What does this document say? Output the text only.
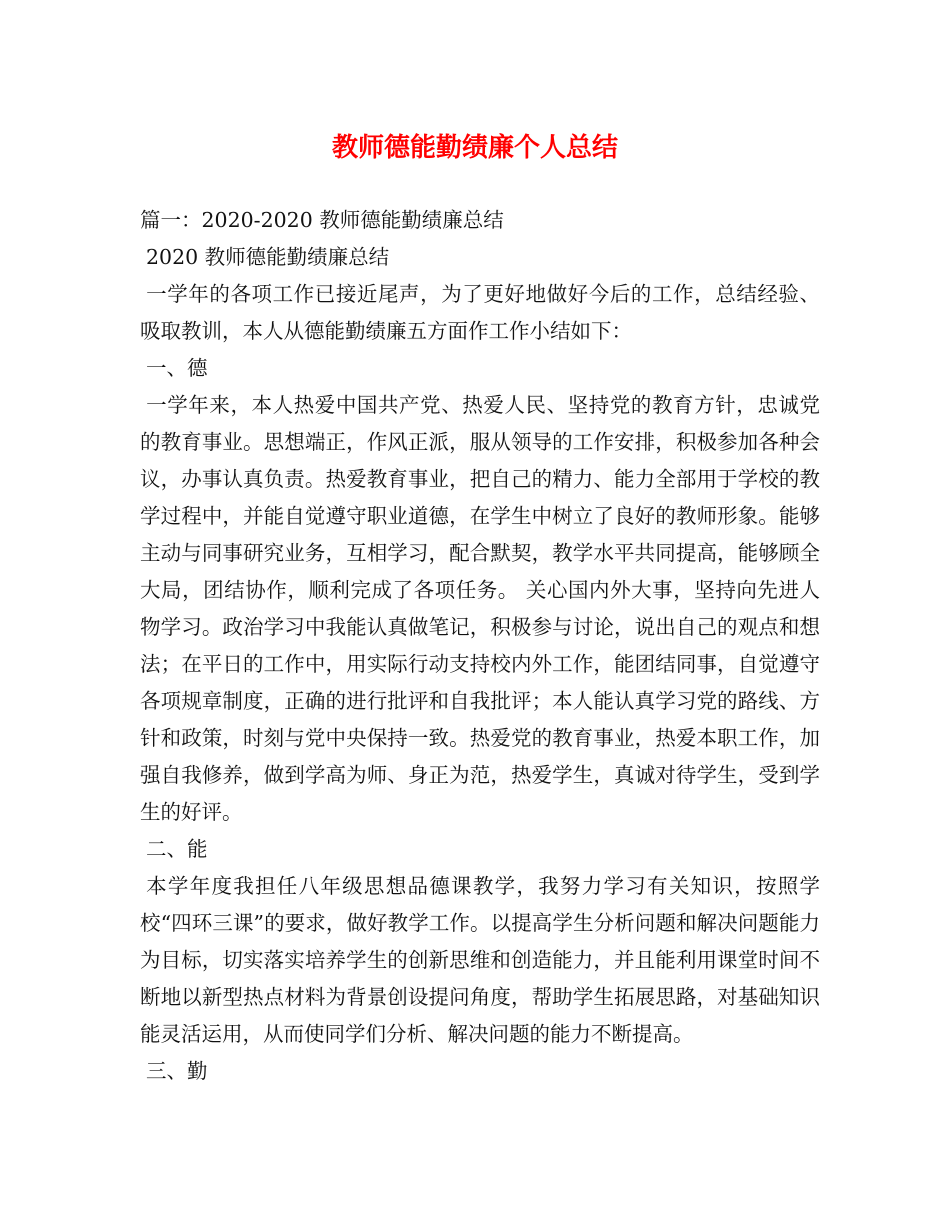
教师德能勤绩廉个人总结
篇一：2020-2020 教师德能勤绩廉总结
2020 教师德能勤绩廉总结
一学年的各项工作已接近尾声，为了更好地做好今后的工作，总结经验、吸取教训，本人从德能勤绩廉五方面作工作小结如下：
一、德
一学年来，本人热爱中国共产党、热爱人民、坚持党的教育方针，忠诚党的教育事业。思想端正，作风正派，服从领导的工作安排，积极参加各种会议，办事认真负责。热爱教育事业，把自己的精力、能力全部用于学校的教学过程中，并能自觉遵守职业道德，在学生中树立了良好的教师形象。能够主动与同事研究业务，互相学习，配合默契，教学水平共同提高，能够顾全大局，团结协作，顺利完成了各项任务。 关心国内外大事，坚持向先进人物学习。政治学习中我能认真做笔记，积极参与讨论，说出自己的观点和想法；在平日的工作中，用实际行动支持校内外工作，能团结同事，自觉遵守各项规章制度，正确的进行批评和自我批评；本人能认真学习党的路线、方针和政策，时刻与党中央保持一致。热爱党的教育事业，热爱本职工作，加强自我修养，做到学高为师、身正为范，热爱学生，真诚对待学生，受到学生的好评。
二、能
本学年度我担任八年级思想品德课教学，我努力学习有关知识，按照学校“四环三课”的要求，做好教学工作。以提高学生分析问题和解决问题能力为目标，切实落实培养学生的创新思维和创造能力，并且能利用课堂时间不断地以新型热点材料为背景创设提问角度，帮助学生拓展思路，对基础知识能灵活运用，从而使同学们分析、解决问题的能力不断提高。
三、勤
